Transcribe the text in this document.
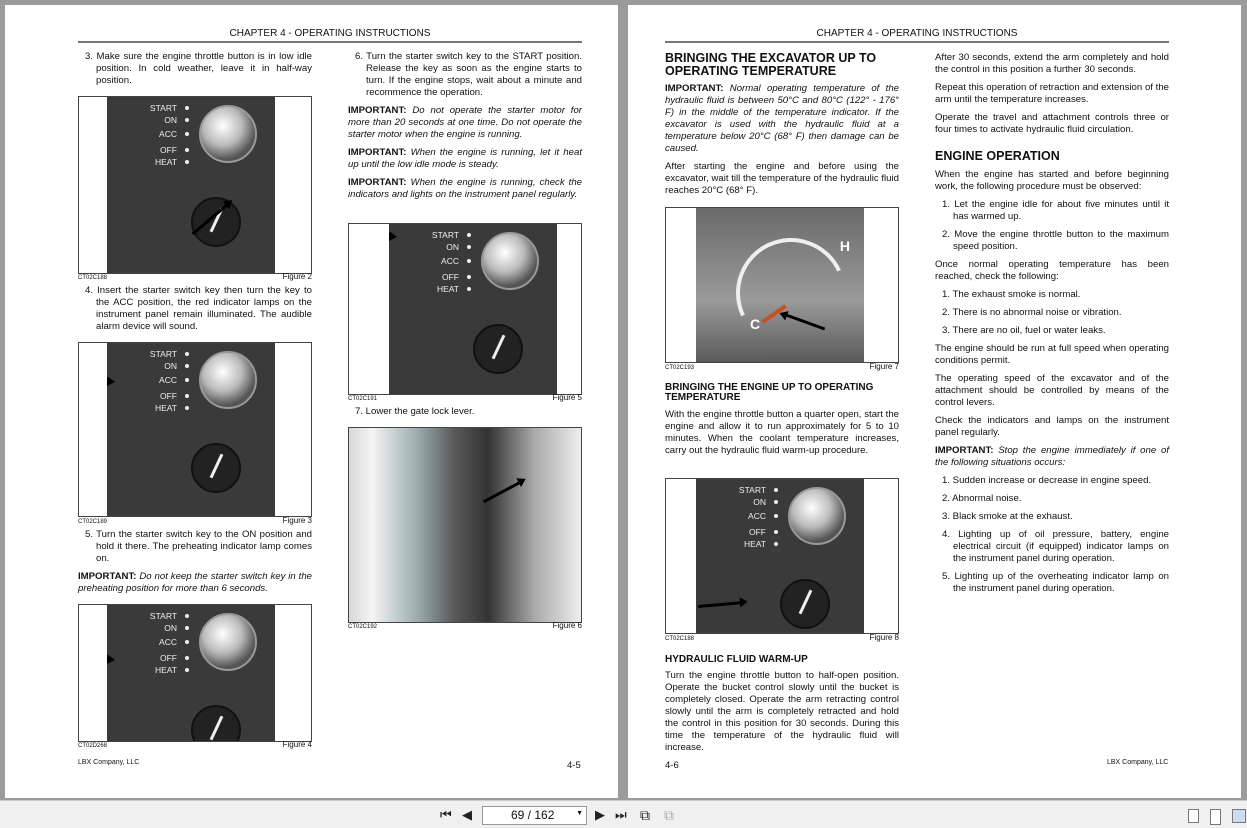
CHAPTER 4 - OPERATING INSTRUCTIONS
3. Make sure the engine throttle button is in low idle position. In cold weather, leave it in half-way position.
START
ON
ACC
OFF
HEAT
CT02C188	Figure 2
4. Insert the starter switch key then turn the key to the ACC position, the red indicator lamps on the instrument panel remain illuminated. The audible alarm device will sound.
START
ON
ACC
OFF
HEAT
CT02C189	Figure 3
5. Turn the starter switch key to the ON position and hold it there. The preheating indicator lamp comes on.
IMPORTANT: Do not keep the starter switch key in the preheating position for more than 6 seconds.
START
ON
ACC
OFF
HEAT
CT02D268	Figure 4
6. Turn the starter switch key to the START position. Release the key as soon as the engine starts to turn. If the engine stops, wait about a minute and recommence the operation.
IMPORTANT: Do not operate the starter motor for more than 20 seconds at one time. Do not operate the starter motor when the engine is running.
IMPORTANT: When the engine is running, let it heat up until the low idle mode is steady.
IMPORTANT: When the engine is running, check the indicators and lights on the instrument panel regularly.
START
ON
ACC
OFF
HEAT
CT02C191	Figure 5
7. Lower the gate lock lever.
CT02C192	Figure 6
LBX Company, LLC	4-5
CHAPTER 4 - OPERATING INSTRUCTIONS
BRINGING THE EXCAVATOR UP TO OPERATING TEMPERATURE
IMPORTANT: Normal operating temperature of the hydraulic fluid is between 50°C and 80°C (122° - 176° F) in the middle of the temperature indicator. If the excavator is used with the hydraulic fluid at a temperature below 20°C (68° F) then damage can be caused.
After starting the engine and before using the excavator, wait till the temperature of the hydraulic fluid reaches 20°C (68° F).
H
C
CT02C193	Figure 7
BRINGING THE ENGINE UP TO OPERATING TEMPERATURE
With the engine throttle button a quarter open, start the engine and allow it to run approximately for 5 to 10 minutes. When the coolant temperature increases, carry out the hydraulic fluid warm-up procedure.
START
ON
ACC
OFF
HEAT
CT02C188	Figure 8
HYDRAULIC FLUID WARM-UP
Turn the engine throttle button to half-open position. Operate the bucket control slowly until the bucket is completely closed. Operate the arm retracting control slowly until the arm is completely retracted and hold the control in this position for 30 seconds. During this time the temperature of the hydraulic fluid will increase.
After 30 seconds, extend the arm completely and hold the control in this position a further 30 seconds.
Repeat this operation of retraction and extension of the arm until the temperature increases.
Operate the travel and attachment controls three or four times to activate hydraulic fluid circulation.
ENGINE OPERATION
When the engine has started and before beginning work, the following procedure must be observed:
1. Let the engine idle for about five minutes until it has warmed up.
2. Move the engine throttle button to the maximum speed position.
Once normal operating temperature has been reached, check the following:
1. The exhaust smoke is normal.
2. There is no abnormal noise or vibration.
3. There are no oil, fuel or water leaks.
The engine should be run at full speed when operating conditions permit.
The operating speed of the excavator and of the attachment should be controlled by means of the control levers.
Check the indicators and lamps on the instrument panel regularly.
IMPORTANT: Stop the engine immediately if one of the following situations occurs:
1. Sudden increase or decrease in engine speed.
2. Abnormal noise.
3. Black smoke at the exhaust.
4. Lighting up of oil pressure, battery, engine electrical circuit (if equipped) indicator lamps on the instrument panel during operation.
5. Lighting up of the overheating indicator lamp on the instrument panel during operation.
4-6	LBX Company, LLC
⏮ ◀	69 / 162	▼ ▶ ⏭ ⧉ ⧉
